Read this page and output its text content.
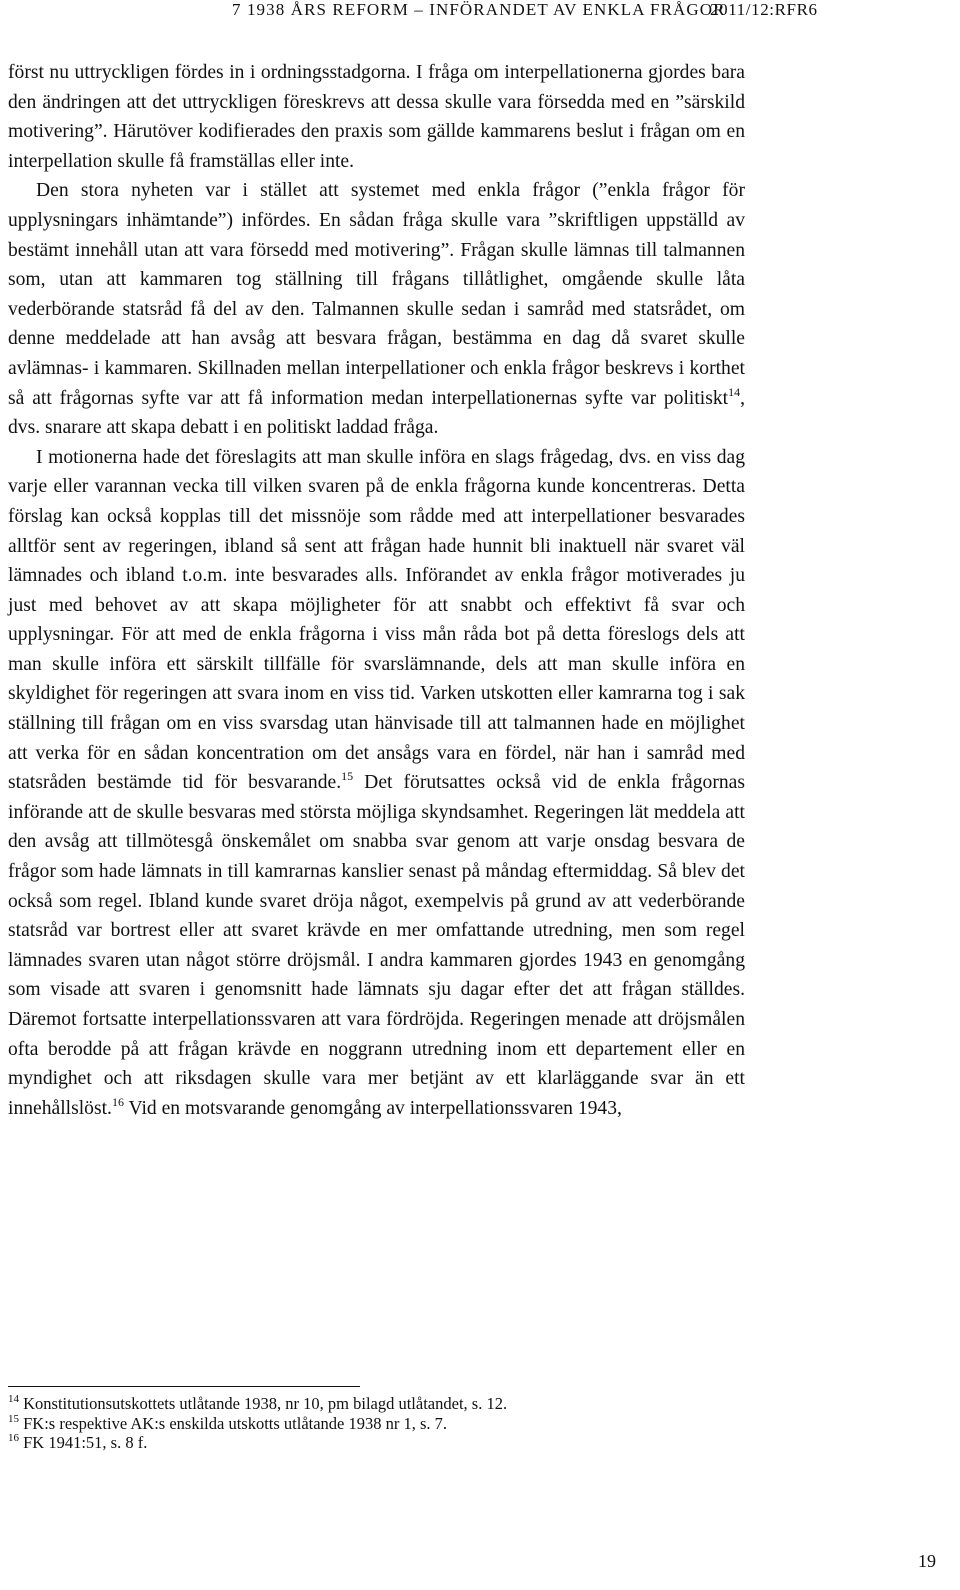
7 1938 ÅRS REFORM – INFÖRANDET AV ENKLA FRÅGOR
2011/12:RFR6

först nu uttryckligen fördes in i ordningsstadgorna. I fråga om interpellationerna gjordes bara den ändringen att det uttryckligen föreskrevs att dessa skulle vara försedda med en ”särskild motivering”. Härutöver kodifierades den praxis som gällde kammarens beslut i frågan om en interpellation skulle få framställas eller inte.

Den stora nyheten var i stället att systemet med enkla frågor (”enkla frågor för upplysningars inhämtande”) infördes. En sådan fråga skulle vara ”skriftligen uppställd av bestämt innehåll utan att vara försedd med motivering”. Frågan skulle lämnas till talmannen som, utan att kammaren tog ställning till frågans tillåtlighet, omgående skulle låta vederbörande statsråd få del av den. Talmannen skulle sedan i samråd med statsrådet, om denne meddelade att han avsåg att besvara frågan, bestämma en dag då svaret skulle avlämnas- i kammaren. Skillnaden mellan interpellationer och enkla frågor beskrevs i korthet så att frågornas syfte var att få information medan interpellationernas syfte var politiskt$^{14}$, dvs. snarare att skapa debatt i en politiskt laddad fråga.

I motionerna hade det föreslagits att man skulle införa en slags frågedag, dvs. en viss dag varje eller varannan vecka till vilken svaren på de enkla frågorna kunde koncentreras. Detta förslag kan också kopplas till det missnöje som rådde med att interpellationer besvarades alltför sent av regeringen, ibland så sent att frågan hade hunnit bli inaktuell när svaret väl lämnades och ibland t.o.m. inte besvarades alls. Införandet av enkla frågor motiverades ju just med behovet av att skapa möjligheter för att snabbt och effektivt få svar och upplysningar. För att med de enkla frågorna i viss mån råda bot på detta föreslogs dels att man skulle införa ett särskilt tillfälle för svarslämnande, dels att man skulle införa en skyldighet för regeringen att svara inom en viss tid. Varken utskotten eller kamrarna tog i sak ställning till frågan om en viss svarsdag utan hänvisade till att talmannen hade en möjlighet att verka för en sådan koncentration om det ansågs vara en fördel, när han i samråd med statsråden bestämde tid för besvarande.$^{15}$ Det förutsattes också vid de enkla frågornas införande att de skulle besvaras med största möjliga skyndsamhet. Regeringen lät meddela att den avsåg att tillmötesgå önskemålet om snabba svar genom att varje onsdag besvara de frågor som hade lämnats in till kamrarnas kanslier senast på måndag eftermiddag. Så blev det också som regel. Ibland kunde svaret dröja något, exempelvis på grund av att vederbörande statsråd var bortrest eller att svaret krävde en mer omfattande utredning, men som regel lämnades svaren utan något större dröjsmål. I andra kammaren gjordes 1943 en genomgång som visade att svaren i genomsnitt hade lämnats sju dagar efter det att frågan ställdes. Däremot fortsatte interpellationssvaren att vara fördröjda. Regeringen menade att dröjsmålen ofta berodde på att frågan krävde en noggrann utredning inom ett departement eller en myndighet och att riksdagen skulle vara mer betjänt av ett klarläggande svar än ett innehållslöst.$^{16}$ Vid en motsvarande genomgång av interpellationssvaren 1943,

$^{14}$ Konstitutionsutskottets utlåtande 1938, nr 10, pm bilagd utlåtandet, s. 12.
$^{15}$ FK:s respektive AK:s enskilda utskotts utlåtande 1938 nr 1, s. 7.
$^{16}$ FK 1941:51, s. 8 f.
19
